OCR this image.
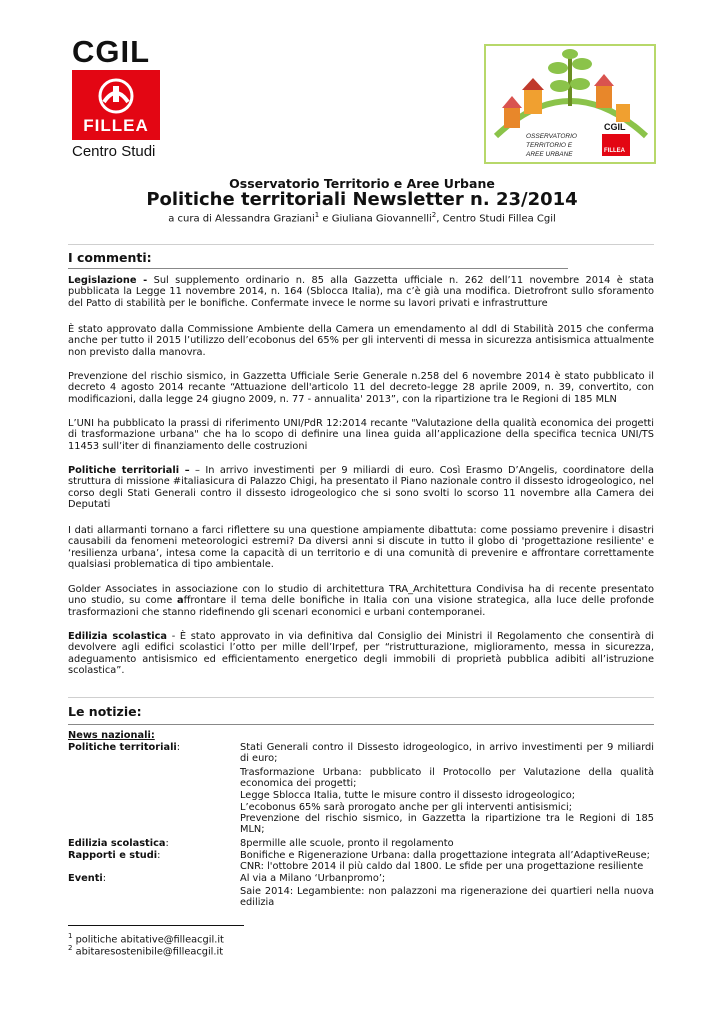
CGIL
FILLEA
Centro Studi
OSSERVATORIO
TERRITORIO E
AREE URBANE
CGIL
FILLEA
Osservatorio Territorio e Aree Urbane
Politiche territoriali Newsletter n. 23/2014
a cura di Alessandra Graziani$^1$ e Giuliana Giovannelli$^2$, Centro Studi Fillea Cgil
I commenti:
Legislazione - Sul supplemento ordinario n. 85 alla Gazzetta ufficiale n. 262 dell’11 novembre 2014 è stata pubblicata la Legge 11 novembre 2014, n. 164 (Sblocca Italia), ma c’è già una modifica. Dietrofront sullo sforamento del Patto di stabilità per le bonifiche. Confermate invece le norme su lavori privati e infrastrutture
È stato approvato dalla Commissione Ambiente della Camera un emendamento al ddl di Stabilità 2015 che conferma anche per tutto il 2015 l’utilizzo dell’ecobonus del 65% per gli interventi di messa in sicurezza antisismica attualmente non previsto dalla manovra.
Prevenzione del rischio sismico, in Gazzetta Ufficiale Serie Generale n.258 del 6 novembre 2014 è stato pubblicato il decreto 4 agosto 2014 recante “Attuazione dell'articolo 11 del decreto-legge 28 aprile 2009, n. 39, convertito, con modificazioni, dalla legge 24 giugno 2009, n. 77 - annualita' 2013”, con la ripartizione tra le Regioni di 185 MLN
L’UNI ha pubblicato la prassi di riferimento UNI/PdR 12:2014 recante "Valutazione della qualità economica dei progetti di trasformazione urbana" che ha lo scopo di definire una linea guida all’applicazione della specifica tecnica UNI/TS 11453 sull’iter di finanziamento delle costruzioni
Politiche territoriali – – In arrivo investimenti per 9 miliardi di euro. Così Erasmo D’Angelis, coordinatore della struttura di missione #italiasicura di Palazzo Chigi, ha presentato il Piano nazionale contro il dissesto idrogeologico, nel corso degli Stati Generali contro il dissesto idrogeologico che si sono svolti lo scorso 11 novembre alla Camera dei Deputati
I dati allarmanti tornano a farci riflettere su una questione ampiamente dibattuta: come possiamo prevenire i disastri causabili da fenomeni meteorologici estremi? Da diversi anni si discute in tutto il globo di 'progettazione resiliente' e ‘resilienza urbana’, intesa come la capacità di un territorio e di una comunità di prevenire e affrontare correttamente qualsiasi problematica di tipo ambientale.
Golder Associates in associazione con lo studio di architettura TRA_Architettura Condivisa ha di recente presentato uno studio, su come affrontare il tema delle bonifiche in Italia con una visione strategica, alla luce delle profonde trasformazioni che stanno ridefinendo gli scenari economici e urbani contemporanei.
Edilizia scolastica - È stato approvato in via definitiva dal Consiglio dei Ministri il Regolamento che consentirà di devolvere agli edifici scolastici l’otto per mille dell’Irpef, per “ristrutturazione, miglioramento, messa in sicurezza, adeguamento antisismico ed efficientamento energetico degli immobili di proprietà pubblica adibiti all’istruzione scolastica”.
Le notizie:
News nazionali:
Politiche territoriali:	Stati Generali contro il Dissesto idrogeologico, in arrivo investimenti per 9 miliardi di euro;
Trasformazione Urbana: pubblicato il Protocollo per Valutazione della qualità economica dei progetti;
Legge Sblocca Italia, tutte le misure contro il dissesto idrogeologico;
L’ecobonus 65% sarà prorogato anche per gli interventi antisismici;
Prevenzione del rischio sismico, in Gazzetta la ripartizione tra le Regioni di 185 MLN;
Edilizia scolastica:	8permille alle scuole, pronto il regolamento
Rapporti e studi:	Bonifiche e Rigenerazione Urbana: dalla progettazione integrata all’AdaptiveReuse;
CNR: l'ottobre 2014 il più caldo dal 1800. Le sfide per una progettazione resiliente
Eventi:	Al via a Milano ‘Urbanpromo’;
Saie 2014: Legambiente: non palazzoni ma rigenerazione dei quartieri nella nuova edilizia
$^1$ politiche abitative@filleacgil.it
$^2$ abitaresostenibile@filleacgil.it
